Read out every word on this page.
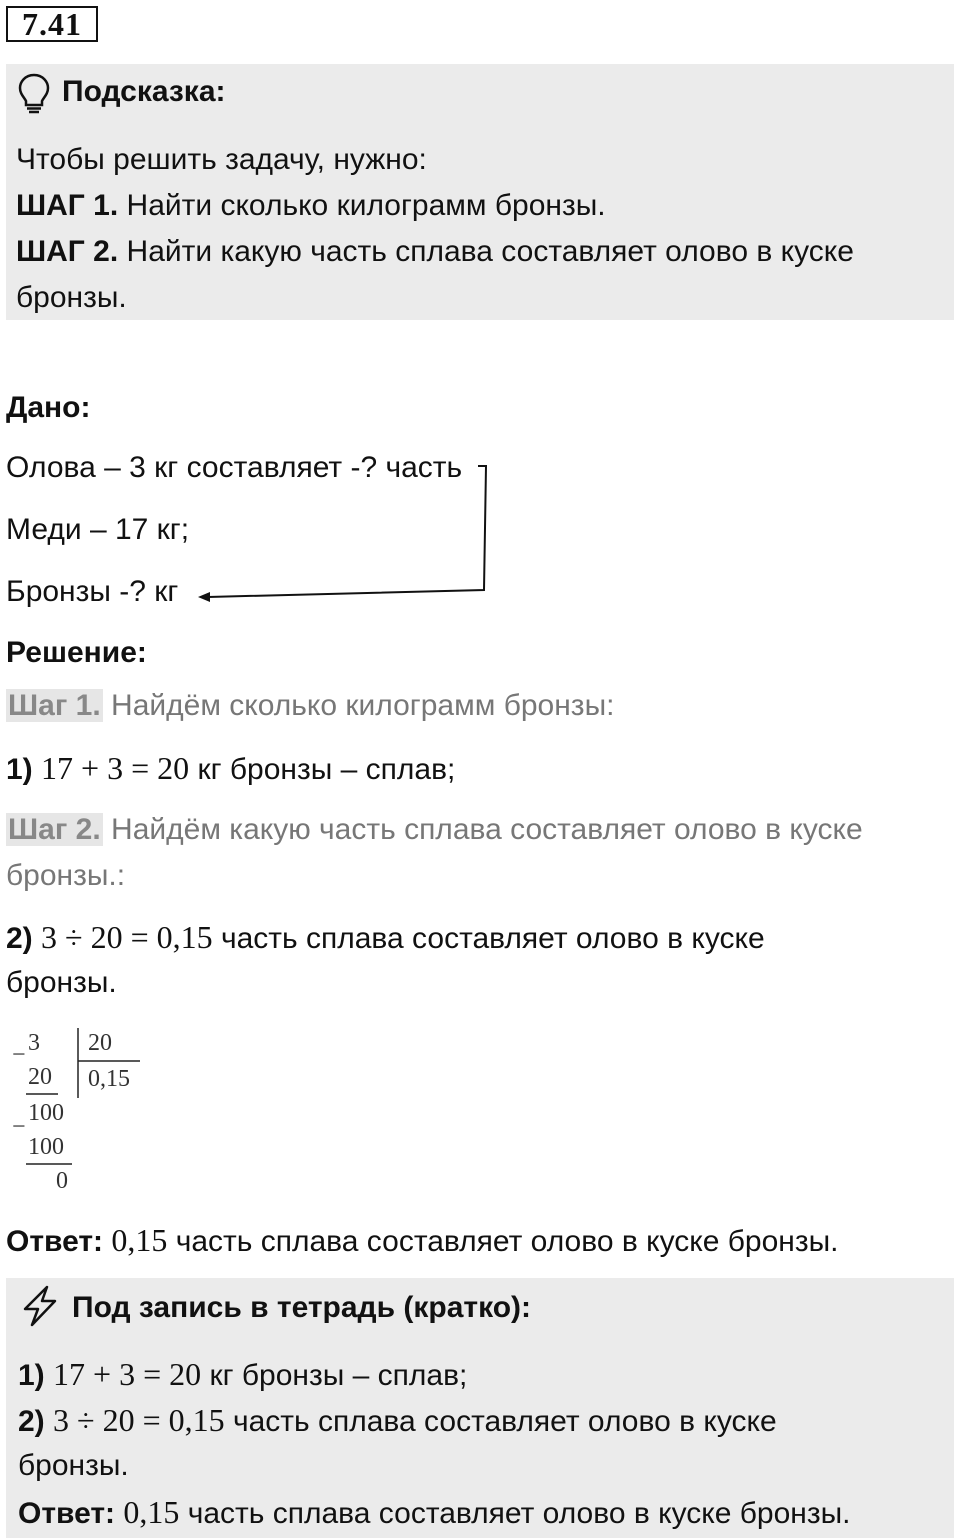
7.41
Подсказка:
Чтобы решить задачу, нужно:
ШАГ 1. Найти сколько килограмм бронзы.
ШАГ 2. Найти какую часть сплава составляет олово в куске
бронзы.
Дано:
Олова – 3 кг составляет -? часть
Меди – 17 кг;
Бронзы -? кг
Решение:
Шаг 1. Найдём сколько килограмм бронзы:
1) 17 + 3 = 20 кг бронзы – сплав;
Шаг 2. Найдём какую часть сплава составляет олово в куске
бронзы.:
2) 3 ÷ 20 = 0,15 часть сплава составляет олово в куске
бронзы.
− 3 20
0,15
20
100
−
100
0
Ответ: 0,15 часть сплава составляет олово в куске бронзы.
Под запись в тетрадь (кратко):
1) 17 + 3 = 20 кг бронзы – сплав;
2) 3 ÷ 20 = 0,15 часть сплава составляет олово в куске
бронзы.
Ответ: 0,15 часть сплава составляет олово в куске бронзы.
